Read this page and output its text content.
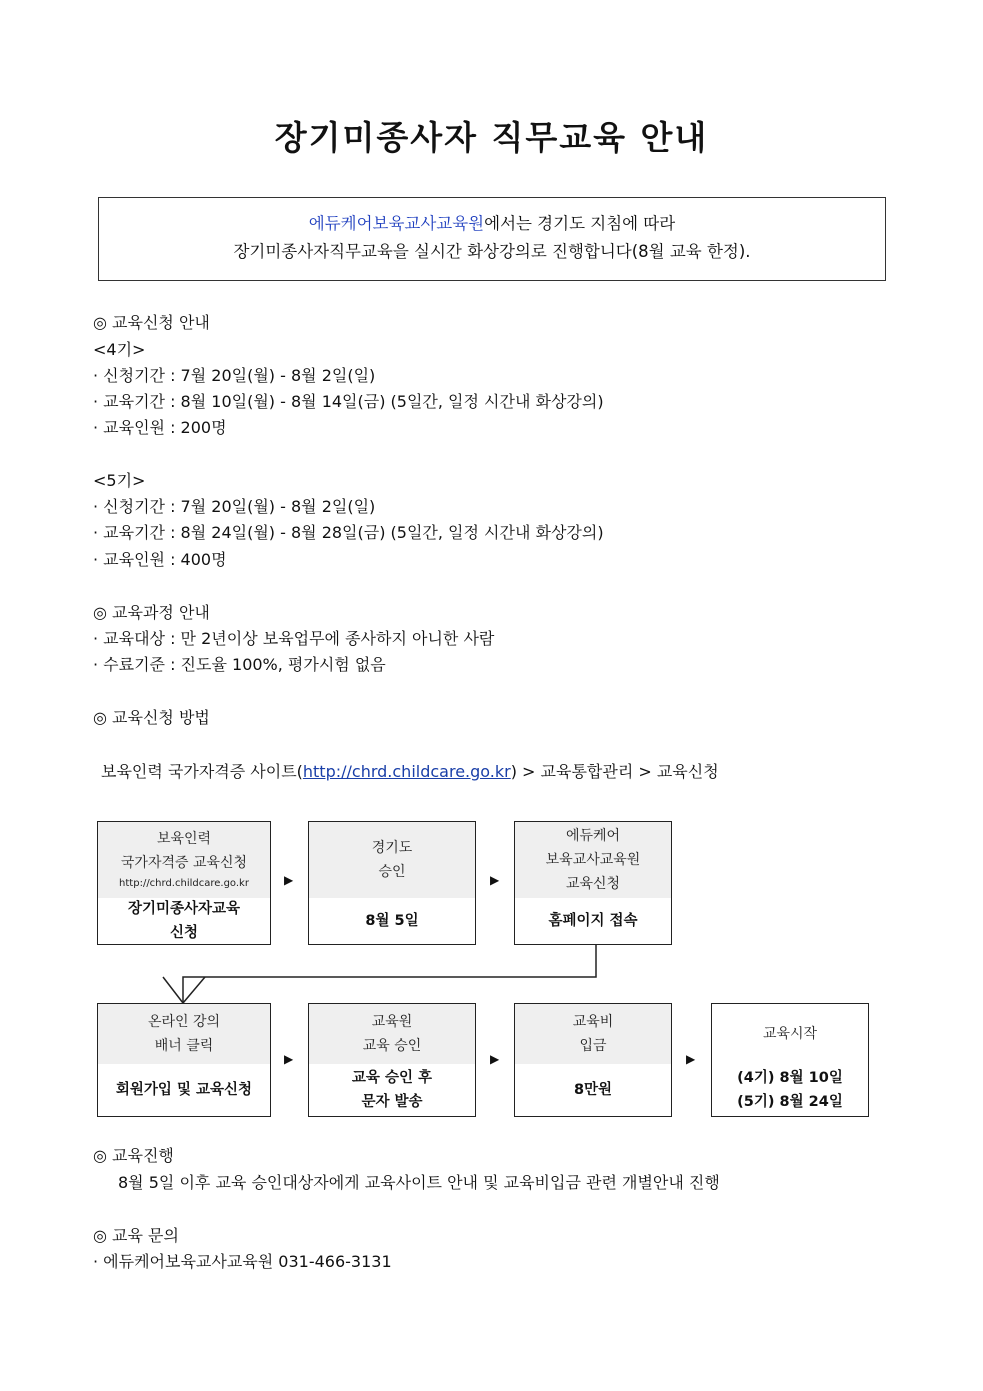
장기미종사자 직무교육 안내
에듀케어보육교사교육원에서는 경기도 지침에 따라
장기미종사자직무교육을 실시간 화상강의로 진행합니다(8월 교육 한정).
◎ 교육신청 안내
<4기>
· 신청기간 : 7월 20일(월) - 8월 2일(일)
· 교육기간 : 8월 10일(월) - 8월 14일(금) (5일간, 일정 시간내 화상강의)
· 교육인원 : 200명
<5기>
· 신청기간 : 7월 20일(월) - 8월 2일(일)
· 교육기간 : 8월 24일(월) - 8월 28일(금) (5일간, 일정 시간내 화상강의)
· 교육인원 : 400명
◎ 교육과정 안내
· 교육대상 : 만 2년이상 보육업무에 종사하지 아니한 사람
· 수료기준 : 진도율 100%, 평가시험 없음
◎ 교육신청 방법
보육인력 국가자격증 사이트(http://chrd.childcare.go.kr) > 교육통합관리 > 교육신청
보육인력
국가자격증 교육신청
http://chrd.childcare.go.kr
장기미종사자교육
신청
▶
경기도
승인
8월 5일
▶
에듀케어
보육교사교육원
교육신청
홈페이지 접속
온라인 강의
배너 클릭
회원가입 및 교육신청
▶
교육원
교육 승인
교육 승인 후
문자 발송
▶
교육비
입금
8만원
▶
교육시작
(4기) 8월 10일
(5기) 8월 24일
◎ 교육진행
8월 5일 이후 교육 승인대상자에게 교육사이트 안내 및 교육비입금 관련 개별안내 진행
◎ 교육 문의
· 에듀케어보육교사교육원 031-466-3131
